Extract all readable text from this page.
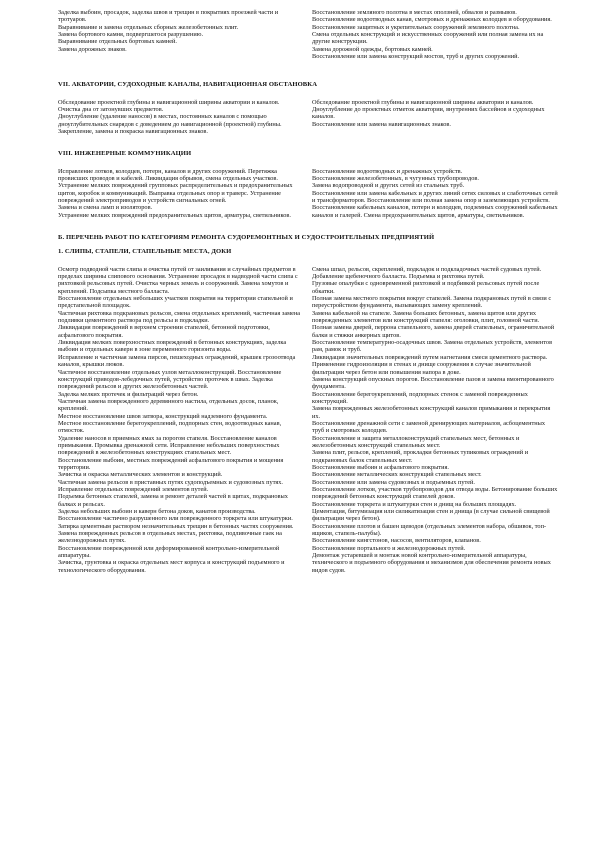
Заделка выбоин, просадок, заделка швов и трещин в покрытиях проезжей части и тротуаров.

Выравнивание и замена отдельных сборных железобетонных плит.

Замена бортового камня, подвергшегося разрушению.

Выравнивание отдельных бортовых камней.

Замена дорожных знаков.

Восстановление земляного полотна в местах оползней, обвалов и размывов. Восстановление водоотводных канав, смотровых и дренажных колодцев и оборудования.

Восстановление защитных и укрепительных сооружений земляного полотна.

Смена отдельных конструкций и искусственных сооружений или полная замена их на другие конструкции.

Замена дорожной одежды, бортовых камней.

Восстановление или замена конструкций мостов, труб и других сооружений.

VII. АКВАТОРИИ, СУДОХОДНЫЕ КАНАЛЫ, НАВИГАЦИОННАЯ ОБСТАНОВКА

Обследование проектной глубины и навигационной ширины акватории и каналов.

Очистка дна от затонувших предметов.

Дноуглубление (удаление наносов) в местах, постоянных каналов с помощью дноуглубительных снарядов с доведением до навигационной (проектной) глубины.

Закрепление, замена и покраска навигационных знаков.

Обследование проектной глубины и навигационной ширины акватории и каналов.

Дноуглубление до проектных отметок акватории, внутренних бассейнов и судоходных каналов.

Восстановление или замена навигационных знаков.

VIII. ИНЖЕНЕРНЫЕ КОММУНИКАЦИИ

Исправление лотков, колодцев, потерн, каналов и других сооружений. Перетяжка провисших проводов и кабелей. Ликвидация обрывов, смена отдельных участков. Устранение мелких повреждений групповых распределительных и предохранительных щитов, коробок и коммуникаций. Выправка отдельных опор и траверс. Устранение повреждений электроприводов и устройств сигнальных огней.

Замена и смена ламп и изоляторов.

Устранение мелких повреждений предохранительных щитов, арматуры, светильников.

Восстановление водоотводных и дренажных устройств.

Восстановление железобетонных, в чугунных трубопроводов.

Замена водопроводной и других сетей из стальных труб.

Восстановление или замена кабельных и других линий сетях силовых и слаботочных сетей и трансформаторов. Восстановление или полная замена опор и заземляющих устройств.

Восстановление кабельных каналов, потерн и колодцев, подземных сооружений кабельных каналов и галерей. Смена предохранительных щитов, арматуры, светильников.

Б. ПЕРЕЧЕНЬ РАБОТ ПО КАТЕГОРИЯМ РЕМОНТА СУДОРЕМОНТНЫХ И СУДОСТРОИТЕЛЬНЫХ ПРЕДПРИЯТИЙ

1. СЛИПЫ, СТАПЕЛИ, СТАПЕЛЬНЫЕ МЕСТА, ДОКИ

Осмотр подводной части слипа и очистка путей от заиливания и случайных предметов в пределах ширины слипового основания. Устранение просадок в надводной части слипа с рихтовкой рельсовых путей. Очистка черных земель и сооружений. Замена хомутов и креплений. Подсыпка местного балласта.

Восстановление отдельных небольших участков покрытия на территории стапельной и предстапельной площадок.

Частичная рихтовка подкрановых рельсов, смена отдельных креплений, частичная замена подливки цементного раствора под рельсы и подкладки.

Ликвидация повреждений в верхнем строении стапелей, бетонной подготовки, асфальтового покрытия.

Ликвидация мелких поверхностных повреждений в бетонных конструкциях, заделка выбоин и отдельных каверн в зоне переменного горизонта воды.

Исправление и частичная замена пирсов, пешеходных ограждений, крышек грозоотвода каналов, крышки люков.

Частичное восстановление отдельных узлов металлоконструкций. Восстановление конструкций приводов-лебедочных путей, устройство проточек в швах. Заделка повреждений рельсов и других железобетонных частей.

Заделка мелких протечек и фильтраций через бетон.

Частичная замена поврежденного деревянного настила, отдельных досок, планок, креплений.

Местное восстановление швов затвора, конструкций надземного фундамента.

Местное восстановление берегоукреплений, подпорных стен, водоотводных канав, отмосток.

Удаление наносов в приемных ямах за порогом стапеля. Восстановление каналов примыкания. Промывка дренажной сети. Исправление небольших поверхностных повреждений в железобетонных конструкциях стапельных мест.

Восстановление выбоин, местных повреждений асфальтового покрытия и мощения территории.

Зачистка и окраска металлических элементов и конструкций.

Частичная замена рельсов в приставных путях судоподъемных и судовозных путях. Исправление отдельных повреждений элементов путей.

Подъемка бетонных стапелей, замена и ремонт деталей частей в щитах, подкрановых балках и рельсах.

Заделка небольших выбоин и каверн бетона доков, канатов производства.

Восстановление частично разрушенного или поврежденного торкрета или штукатурки. Затирка цементным раствором незначительных трещин в бетонных частях сооружения.

Замена поврежденных рельсов в отдельных местах, рихтовка, подливочные гаек на железнодорожных путях.

Восстановление поврежденной или деформированной контрольно-измерительной аппаратуры.

Зачистка, грунтовка и окраска отдельных мест корпуса и конструкций подъемного и технологического оборудования.

Смена шпал, рельсов, скреплений, подкладок и подкладочных частей судовых путей. Добавление щебеночного балласта. Подъемка и рихтовка путей.

Грузовые опалубки с одновременной рихтовкой и подбивкой рельсовых путей после обкатки.

Полная замена местного покрытия вокруг стапелей. Замена подкрановых путей в связи с переустройством фундамента, вызывающих замену креплений.

Замена кабельной на стапеле. Замена больших бетонных, замена щитов или других поврежденных элементов или конструкций стапеля: оголовки, плит, головной части.

Полная замена дверей, перрона стапельного, замена дверей стапельных, ограничительной балки и стяжки анкерных щитов.

Восстановление температурно-осадочных швов. Замена отдельных устройств, элементов рам, рамок и труб.

Ликвидация значительных повреждений путем нагнетания смеси цементного раствора. Применение гидроизоляции в стенах и днище сооружения в случае значительной фильтрации через бетон или повышения напора в доке.

Замена конструкций опускных порогов. Восстановление пазов и замена вмонтированного фундамента.

Восстановление берегоукреплений, подпорных стенок с заменой поврежденных конструкций.

Замена поврежденных железобетонных конструкций каналов примыкания и перекрытия их.

Восстановление дренажной сети с заменой дренирующих материалов, асбоцементных труб и смотровых колодцев.

Восстановление и защита металлоконструкций стапельных мест, бетонных и железобетонных конструкций стапельных мест.

Замена плит, рельсов, креплений, прокладки бетонных тупиковых ограждений и подкрановых балок стапельных мест.

Восстановление выбоин и асфальтового покрытия.

Восстановление металлических конструкций стапельных мест.

Восстановление или замена судовозных и подъемных путей.

Восстановление лотков, участков трубопроводов для отвода воды. Бетонирование больших повреждений бетонных конструкций стапелей доков.

Восстановление торкрета и штукатурки стен и днищ на больших площадях.

Цементация, битумизация или силикатизация стен и днища (в случае сильной свищевой фильтрации через бетон).

Восстановление плотов и башен щеводов (отдельных элементов набора, обшивок, топ-ящиков, стапель-палубы).

Восстановление кингстонов, насосов, вентиляторов, клапанов.

Восстановление портального и железнодорожных путей.

Демонтаж устаревшей и монтаж новой контрольно-измерительной аппаратуры, технического и подъемного оборудования и механизмов для обеспечения ремонта новых видов судов.
